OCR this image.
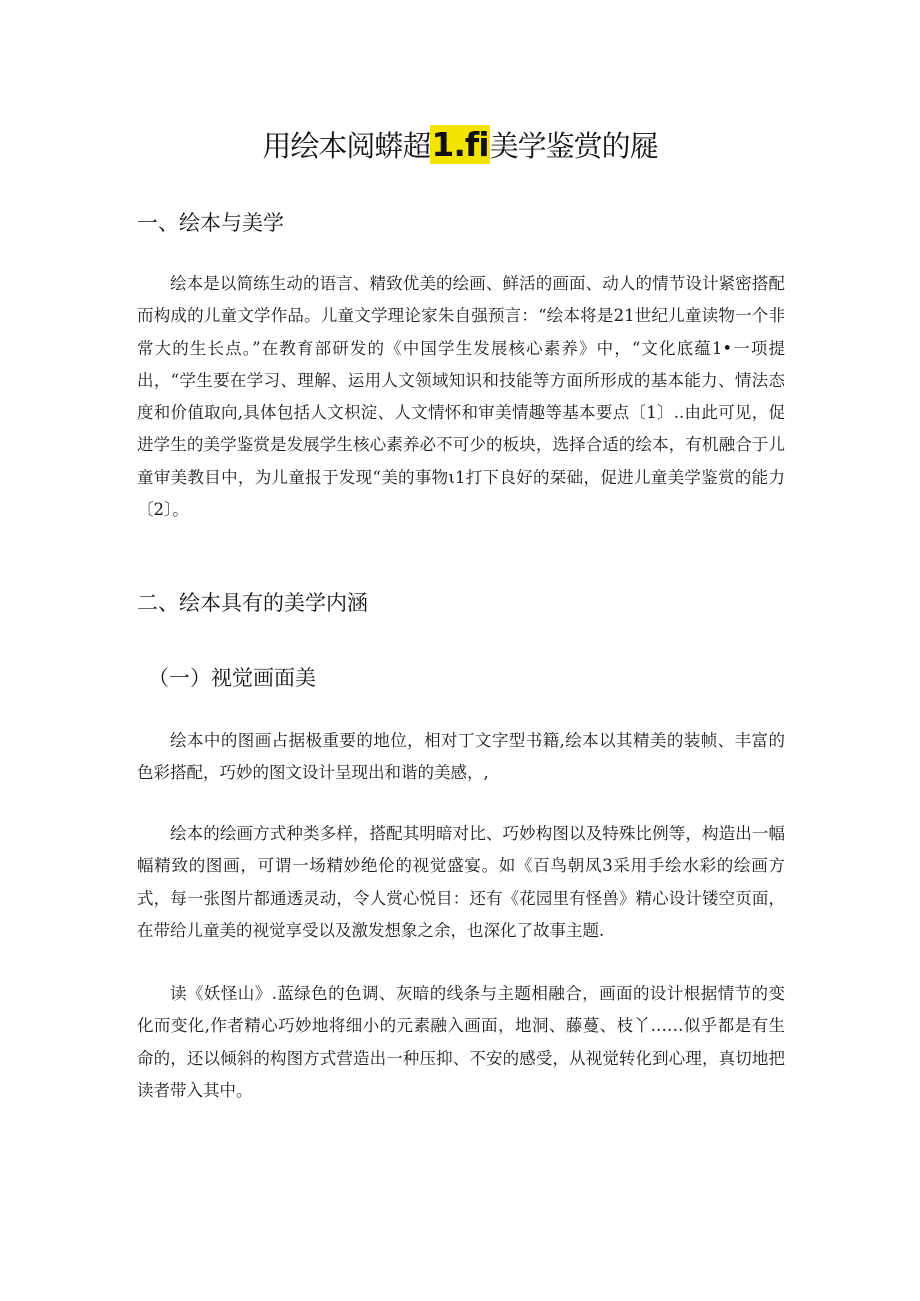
用绘本阅蟒超1.fi美学鉴赏的屣
一、绘本与美学

绘本是以简练生动的语言、精致优美的绘画、鲜活的画面、动人的情节设计紧密搭配而构成的儿童文学作品。儿童文学理论家朱自强预言：“绘本将是21世纪儿童读物一个非常大的生长点。”在教育部研发的《中国学生发展核心素养》中，“文化底蕴1•一项提出，“学生要在学习、理解、运用人文领域知识和技能等方面所形成的基本能力、情法态度和价值取向,具体包括人文枳淀、人文情怀和审美情趣等基本要点〔1〕..由此可见，促进学生的美学鉴赏是发展学生核心素养必不可少的板块，选择合适的绘本，有机融合于儿童审美教目中，为儿童报于发现“美的事物ι1打下良好的栞础，促进儿童美学鉴赏的能力〔2〕。

二、绘本具有的美学内涵
（一）视觉画面美

绘本中的图画占据极重要的地位，相对丁文字型书籍,绘本以其精美的装帧、丰富的色彩搭配，巧妙的图文设计呈现出和谐的美感，,

绘本的绘画方式种类多样，搭配其明暗对比、巧妙构图以及特殊比例等，构造出一幅幅精致的图画，可谓一场精妙绝伦的视觉盛宴。如《百鸟朝凤3采用手绘水彩的绘画方式，每一张图片都通透灵动，令人赏心悦目：还有《花园里有怪兽》精心设计镂空页面，在带给儿童美的视觉享受以及激发想象之余，也深化了故事主题.

读《妖怪山》.蓝绿色的色调、灰暗的线条与主题相融合，画面的设计根据情节的变化而变化,作者精心巧妙地将细小的元素融入画面，地洞、藤蔓、枝丫……似乎都是有生命的，还以倾斜的构图方式营造出一种压抑、不安的感受，从视觉转化到心理，真切地把读者带入其中。
